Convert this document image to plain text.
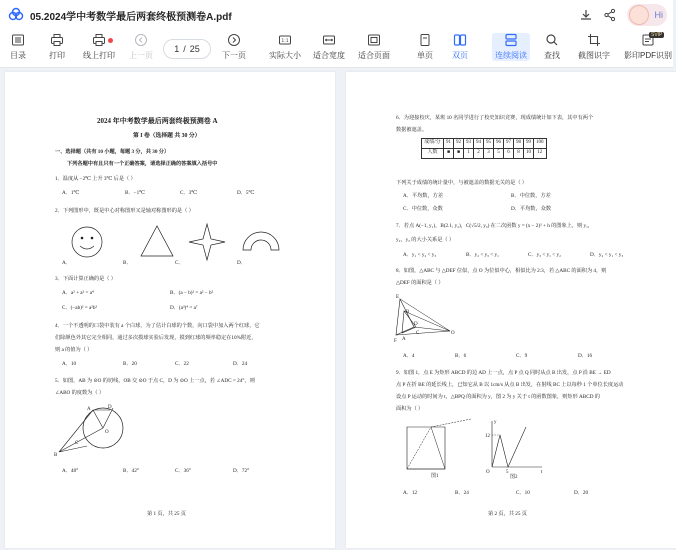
05.2024学中考数学最后两套终极预测卷A.pdf	Hi
目录	打印 线上打印 上一页
1 / 25
下一页
1:1
实际大小 适合宽度 适合页面	单页 双页	连续阅读 查找 截图识字 影印PDF识别
SVIP
2024 年中考数学最后两套终极预测卷 A
第 I 卷（选择题 共 30 分）
一、选择题（共有 10 小题，每题 3 分，共 30 分）
下列各题中有且只有一个正确答案，请选择正确的答案填入括号中
1．温度从 −2℃ 上升 3℃ 后是（ ）
A．1℃	B．−1℃	C．3℃	D．5℃
2．下列图形中，既是中心对称图形又是轴对称图形的是（ ）
A．	B．	C．	D．
3．下面计算正确的是（ ）
A．a² + a² = a⁴	B．(a − b)² = a² − b²
C．(−ab)² = a²b²	D．(a³)⁴ = a⁷
4．一个不透明的口袋中装有 a 个白球，为了估计白球的个数，向口袋中加入两个红球，它
们除颜色外其它完全相同，通过多次摸球实验后发现，摸到红球的频率稳定在10%附近，
则 a 的值为（ ）
A．10	B．20	C．22	D．24
5．如图，AB 为 ⊙O 的切线，OB 交 ⊙O 于点 C，D 为 ⊙O 上一点，若 ∠ADC = 24°，则
∠ABO 的度数为（ ）
D
O
A
C
B
A．48°	B．42°	C．36°	D．72°
第 1 页，共 25 页
6．为迎接校庆，某班 10 名同学进行了校史知识竞赛，现成绩统计如下表，其中有两个
数据被遮盖。
成绩/分	91	92	93	94	95	96	97	98	99	100
人数	■	■	1	2	3	5	6	8	10	12
下列关于成绩的统计量中，与被遮盖的数据无关的是（ ）
A．平均数，方差	B．中位数，方差
C．中位数，众数	D．平均数，众数
7．若点 A(−1, y₁)，B(2.1, y₂)，C(√5/2, y₃) 在二次函数 y = (x − 2)² + h 的图象上，则 y₁，
y₂，y₃ 的大小关系是（ ）
A．y₁ < y₂ < y₃	B．y₂ < y₃ < y₁	C．y₃ < y₁ < y₂	D．y₂ < y₁ < y₃
8．如图，△ABC 与 △DEF 位似，点 O 为位似中心，相似比为 2:3，若 △ABC 的面积为 4，则
△DEF 的面积是（ ）
E
B
D
A
O
C
F
A．4	B．6	C．9	D．16
9．如图 1，点 E 为矩形 ABCD 的边 AD 上一点，点 P 点 Q 同时从点 B 出发，点 P 沿 BE → ED
点 P 在折 BE 的延长线上，已知它从 B 以 1cm/s 从点 B 出发，在射线 BC 上以每秒 1 个单位长度运动
设点 P 运动的时间为 t，△BPQ 的面积为 y，图 2 为 y 关于 t 的函数图象，则矩形 ABCD 的
面积为（ ）
图1
y
12
O	5	t
图2
A．12	B．24	C．10	D．20
第 2 页，共 25 页
